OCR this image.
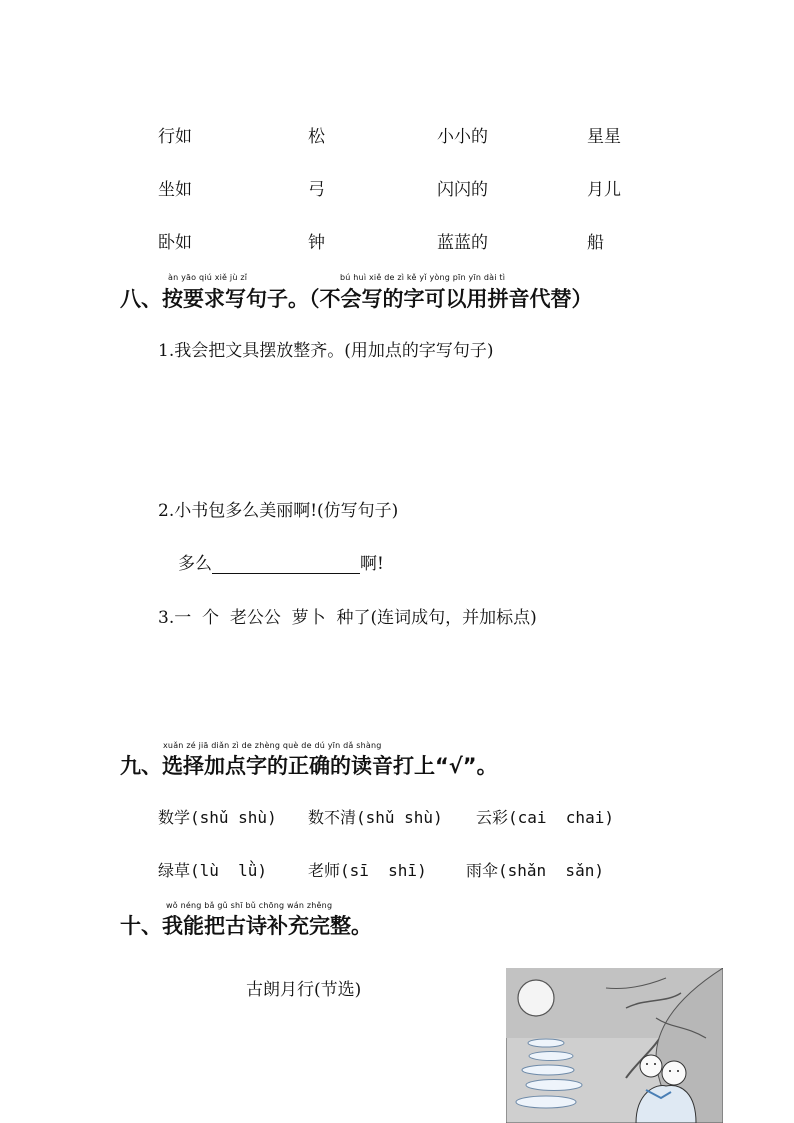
行如	松	小小的	星星
坐如	弓	闪闪的	月儿
卧如	钟	蓝蓝的	船
àn yāo qiú xiě jù zǐ	bú huì xiě de zì kě yǐ yòng pīn yīn dài tì
八、按要求写句子。（不会写的字可以用拼音代替）
1.我会把文具摆放整齐。(用加点的字写句子)
2.小书包多么美丽啊!(仿写句子)
多么	啊!
3.一  个  老公公  萝卜  种了(连词成句，并加标点)
xuǎn zé jiā diǎn zì de zhèng què de dú yīn dǎ shàng
九、选择加点字的正确的读音打上“√”。
数学(shǔ shù) 数不清(shǔ shù) 云彩(cai  chai)
绿草(lù  lǜ)	老师(sī  shī) 雨伞(shǎn  sǎn)
wǒ néng bǎ gǔ shī bǔ chōng wán zhěng
十、我能把古诗补充完整。
古朗月行(节选)
